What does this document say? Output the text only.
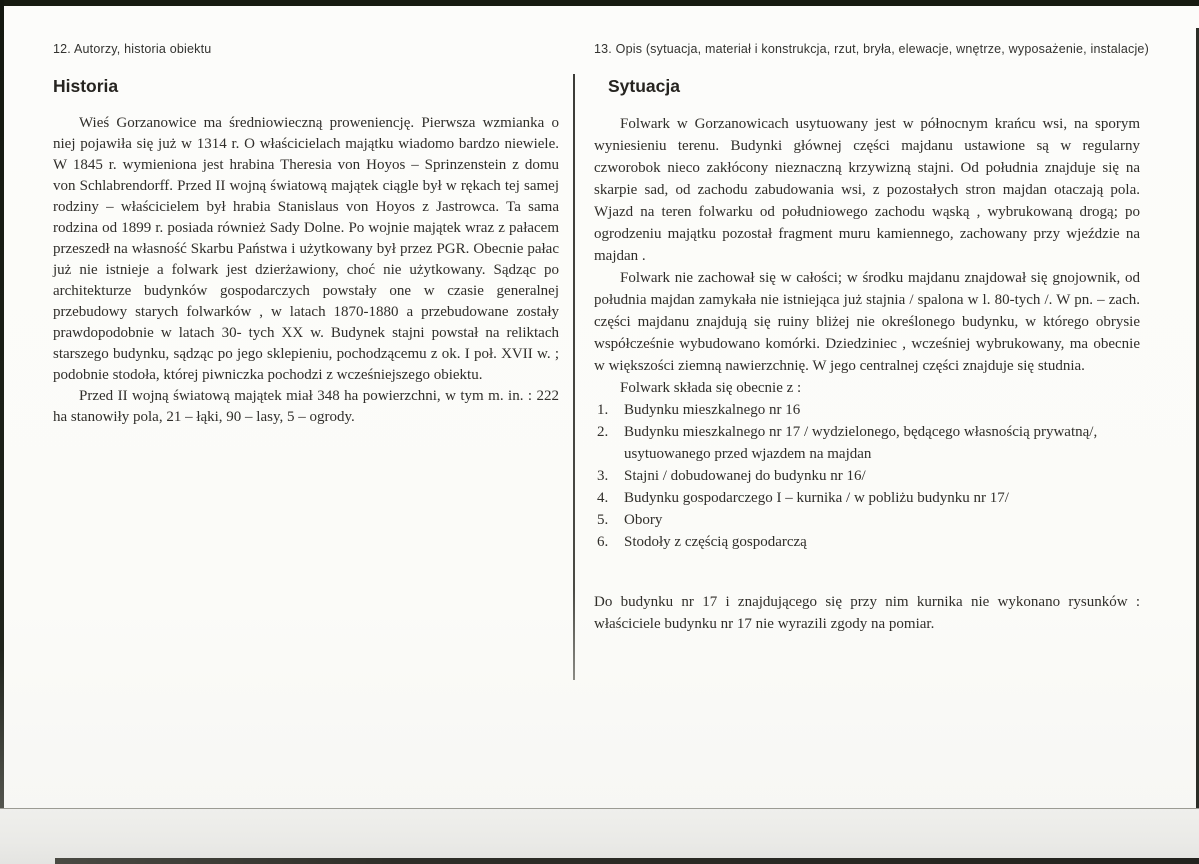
12. Autorzy, historia obiektu
Historia

Wieś Gorzanowice ma średniowieczną proweniencję. Pierwsza wzmianka o niej pojawiła się już w 1314 r. O właścicielach majątku wiadomo bardzo niewiele. W 1845 r. wymieniona jest hrabina Theresia von Hoyos – Sprinzenstein z domu von Schlabrendorff. Przed II wojną światową majątek ciągle był w rękach tej samej rodziny – właścicielem był hrabia Stanislaus von Hoyos z Jastrowca. Ta sama rodzina od 1899 r. posiada również Sady Dolne. Po wojnie majątek wraz z pałacem przeszedł na własność Skarbu Państwa i użytkowany był przez PGR. Obecnie pałac już nie istnieje a folwark jest dzierżawiony, choć nie użytkowany. Sądząc po architekturze budynków gospodarczych powstały one w czasie generalnej przebudowy starych folwarków , w latach 1870-1880 a przebudowane zostały prawdopodobnie w latach 30- tych XX w. Budynek stajni powstał na reliktach starszego budynku, sądząc po jego sklepieniu, pochodzącemu z ok. I poł. XVII w. ; podobnie stodoła, której piwniczka pochodzi z wcześniejszego obiektu.

Przed II wojną światową majątek miał 348 ha powierzchni, w tym m. in. : 222 ha stanowiły pola, 21 – łąki, 90 – lasy, 5 – ogrody.

13. Opis (sytuacja, materiał i konstrukcja, rzut, bryła, elewacje, wnętrze, wyposażenie, instalacje)
Sytuacja

Folwark w Gorzanowicach usytuowany jest w północnym krańcu wsi, na sporym wyniesieniu terenu. Budynki głównej części majdanu ustawione są w regularny czworobok nieco zakłócony nieznaczną krzywizną stajni. Od południa znajduje się na skarpie sad, od zachodu zabudowania wsi, z pozostałych stron majdan otaczają pola. Wjazd na teren folwarku od południowego zachodu wąską , wybrukowaną drogą; po ogrodzeniu majątku pozostał fragment muru kamiennego, zachowany przy wjeździe na majdan .

Folwark nie zachował się w całości; w środku majdanu znajdował się gnojownik, od południa majdan zamykała nie istniejąca już stajnia / spalona w l. 80-tych /. W pn. – zach. części majdanu znajdują się ruiny bliżej nie określonego budynku, w którego obrysie współcześnie wybudowano komórki. Dziedziniec , wcześniej wybrukowany, ma obecnie w większości ziemną nawierzchnię. W jego centralnej części znajduje się studnia.

Folwark składa się obecnie z :

1.	Budynku mieszkalnego nr 16
2.	Budynku mieszkalnego nr 17 / wydzielonego, będącego własnością prywatną/, usytuowanego przed wjazdem na majdan
3.	Stajni / dobudowanej do budynku nr 16/
4.	Budynku gospodarczego I – kurnika / w pobliżu budynku nr 17/
5.	Obory
6.	Stodoły z częścią gospodarczą

Do budynku nr 17 i znajdującego się przy nim kurnika nie wykonano rysunków : właściciele budynku nr 17 nie wyrazili zgody na pomiar.
